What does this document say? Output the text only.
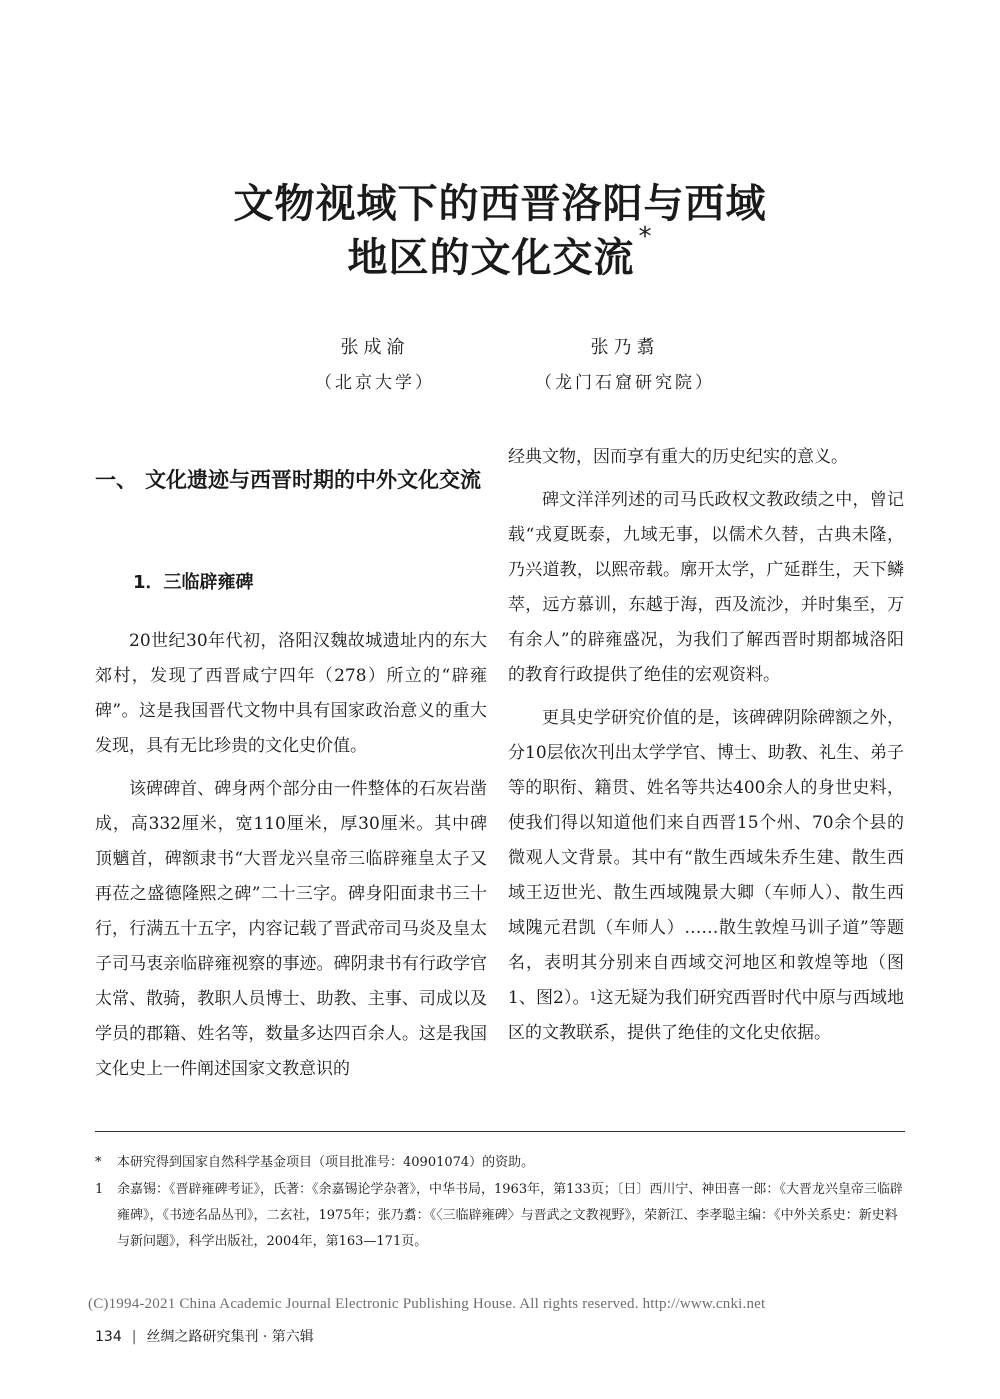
文物视域下的西晋洛阳与西域
地区的文化交流 *
张成渝	张乃翥
（北京大学）	（龙门石窟研究院）
一、 文化遗迹与西晋时期的中外文化交流
1．三临辟雍碑

20世纪30年代初，洛阳汉魏故城遗址内的东大郊村，发现了西晋咸宁四年（278）所立的“辟雍碑”。这是我国晋代文物中具有国家政治意义的重大发现，具有无比珍贵的文化史价值。

该碑碑首、碑身两个部分由一件整体的石灰岩凿成，高332厘米，宽110厘米，厚30厘米。其中碑顶魑首，碑额隶书“大晋龙兴皇帝三临辟雍皇太子又再莅之盛德隆熙之碑”二十三字。碑身阳面隶书三十行，行满五十五字，内容记载了晋武帝司马炎及皇太子司马衷亲临辟雍视察的事迹。碑阴隶书有行政学官太常、散骑，教职人员博士、助教、主事、司成以及学员的郡籍、姓名等，数量多达四百余人。这是我国文化史上一件阐述国家文教意识的

经典文物，因而享有重大的历史纪实的意义。

碑文洋洋列述的司马氏政权文教政绩之中，曾记载“戎夏既泰，九域无事，以儒术久替，古典未隆，乃兴道教，以熙帝载。廓开太学，广延群生，天下鳞萃，远方慕训，东越于海，西及流沙，并时集至，万有余人”的辟雍盛况，为我们了解西晋时期都城洛阳的教育行政提供了绝佳的宏观资料。

更具史学研究价值的是，该碑碑阴除碑额之外，分10层依次刊出太学学官、博士、助教、礼生、弟子等的职衔、籍贯、姓名等共达400余人的身世史料，使我们得以知道他们来自西晋15个州、70余个县的微观人文背景。其中有“散生西域朱乔生建、散生西域王迈世光、散生西域隗景大卿（车师人）、散生西域隗元君凯（车师人）……散生敦煌马训子道”等题名，表明其分别来自西域交河地区和敦煌等地（图1、图2）。$^1$这无疑为我们研究西晋时代中原与西域地区的文教联系，提供了绝佳的文化史依据。

* 本研究得到国家自然科学基金项目（项目批准号：40901074）的资助。
1 余嘉锡：《晋辟雍碑考证》，氏著：《余嘉锡论学杂著》，中华书局，1963年，第133页；〔日〕西川宁、神田喜一郎：《大晋龙兴皇帝三临辟雍碑》，《书迹名品丛刊》，二玄社，1975年；张乃翥：《〈三临辟雍碑〉与晋武之文教视野》，荣新江、李孝聪主编：《中外关系史：新史料与新问题》，科学出版社，2004年，第163—171页。
(C)1994-2021 China Academic Journal Electronic Publishing House. All rights reserved. http://www.cnki.net
134 | 丝绸之路研究集刊 · 第六辑
